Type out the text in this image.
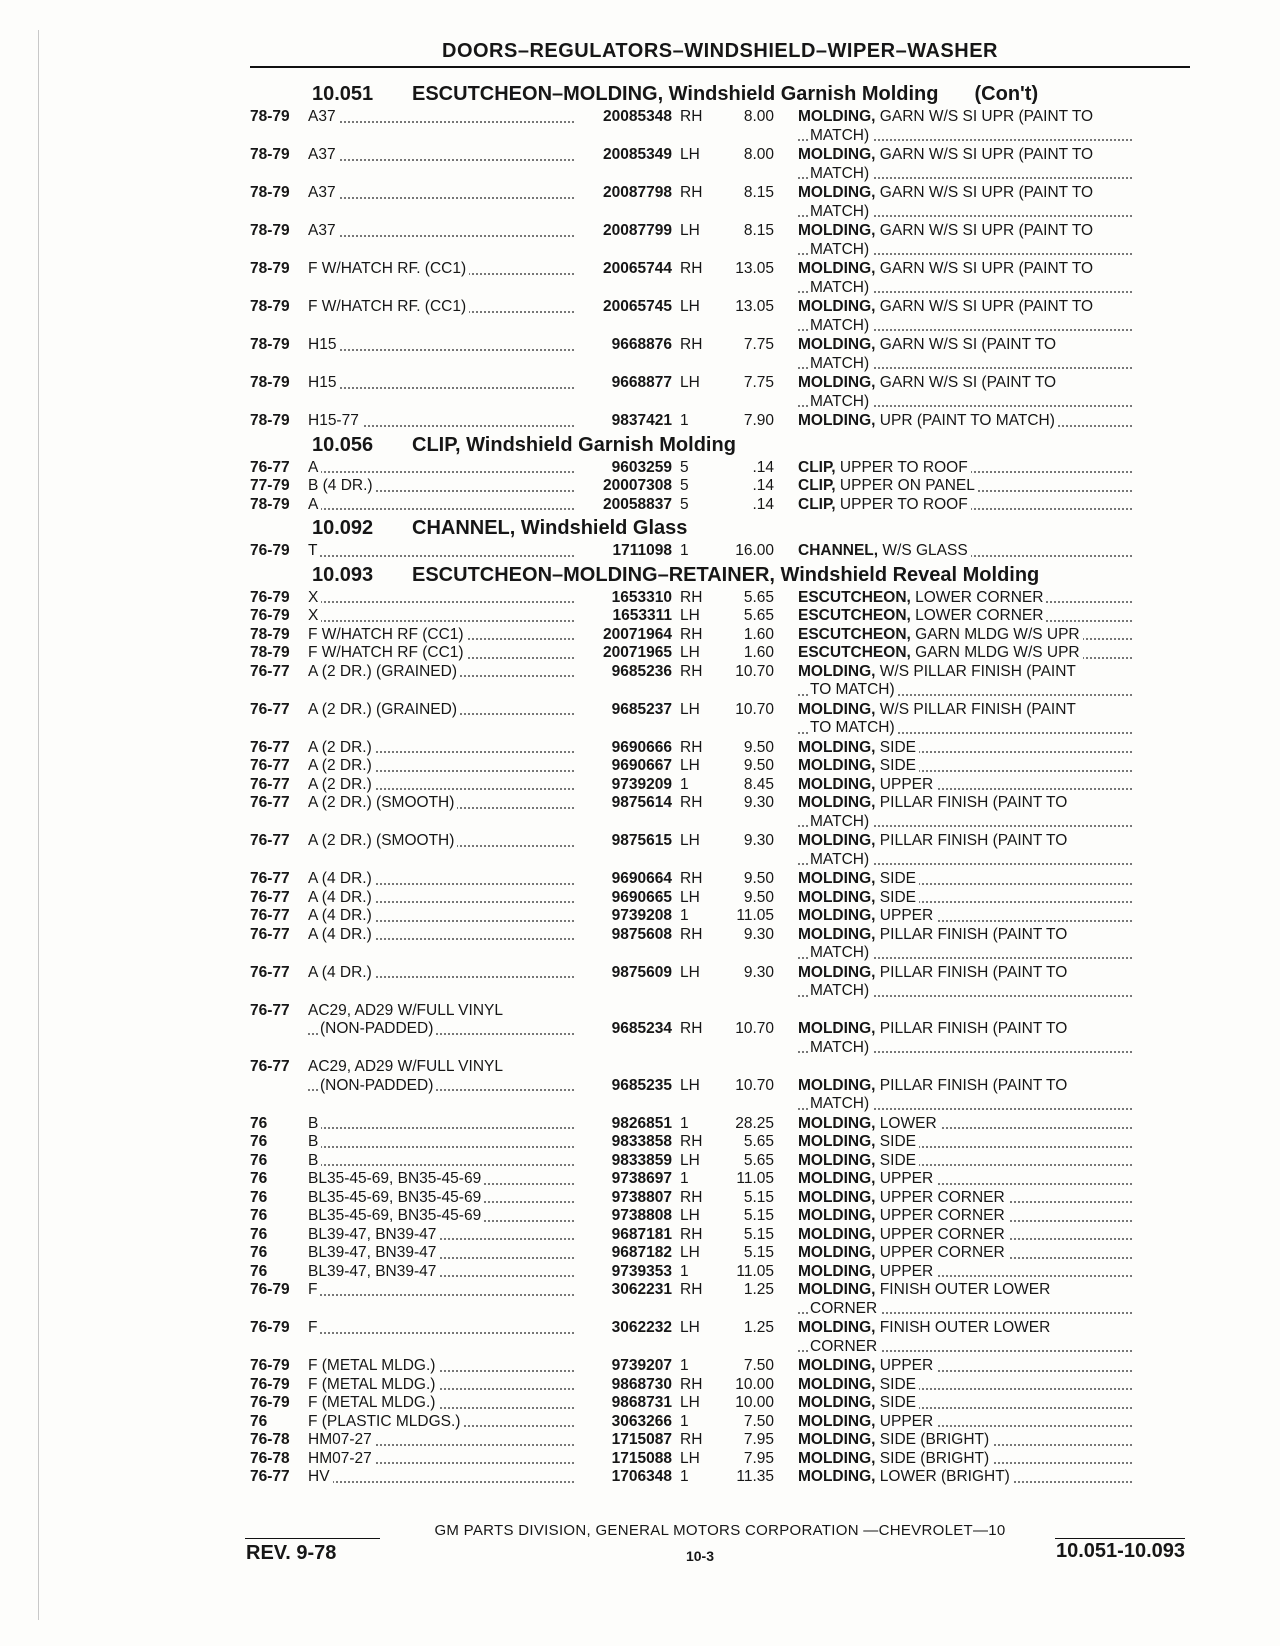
DOORS–REGULATORS–WINDSHIELD–WIPER–WASHER
10.051 ESCUTCHEON–MOLDING, Windshield Garnish Molding (Con't)
78-79	A37	20085348 RH	8.00 MOLDING, GARN W/S SI UPR (PAINT TO
MATCH)
78-79	A37	20085349 LH	8.00 MOLDING, GARN W/S SI UPR (PAINT TO
MATCH)
78-79	A37	20087798 RH	8.15 MOLDING, GARN W/S SI UPR (PAINT TO
MATCH)
78-79	A37	20087799 LH	8.15 MOLDING, GARN W/S SI UPR (PAINT TO
MATCH)
78-79	F W/HATCH RF. (CC1)	20065744 RH	13.05 MOLDING, GARN W/S SI UPR (PAINT TO
MATCH)
78-79	F W/HATCH RF. (CC1)	20065745 LH	13.05 MOLDING, GARN W/S SI UPR (PAINT TO
MATCH)
78-79	H15	9668876 RH	7.75 MOLDING, GARN W/S SI (PAINT TO
MATCH)
78-79	H15	9668877 LH	7.75 MOLDING, GARN W/S SI (PAINT TO
MATCH)
78-79	H15-77	9837421 1	7.90 MOLDING, UPR (PAINT TO MATCH)
10.056 CLIP, Windshield Garnish Molding
76-77	A	9603259 5	.14 CLIP, UPPER TO ROOF
77-79	B (4 DR.)	20007308 5	.14 CLIP, UPPER ON PANEL
78-79	A	20058837 5	.14 CLIP, UPPER TO ROOF
10.092 CHANNEL, Windshield Glass
76-79	T	1711098 1	16.00 CHANNEL, W/S GLASS
10.093 ESCUTCHEON–MOLDING–RETAINER, Windshield Reveal Molding
76-79	X	1653310 RH	5.65 ESCUTCHEON, LOWER CORNER
76-79	X	1653311 LH	5.65 ESCUTCHEON, LOWER CORNER
78-79	F W/HATCH RF (CC1)	20071964 RH	1.60 ESCUTCHEON, GARN MLDG W/S UPR
78-79	F W/HATCH RF (CC1)	20071965 LH	1.60 ESCUTCHEON, GARN MLDG W/S UPR
76-77	A (2 DR.) (GRAINED)	9685236 RH	10.70 MOLDING, W/S PILLAR FINISH (PAINT
TO MATCH)
76-77	A (2 DR.) (GRAINED)	9685237 LH	10.70 MOLDING, W/S PILLAR FINISH (PAINT
TO MATCH)
76-77	A (2 DR.)	9690666 RH	9.50 MOLDING, SIDE
76-77	A (2 DR.)	9690667 LH	9.50 MOLDING, SIDE
76-77	A (2 DR.)	9739209 1	8.45 MOLDING, UPPER
76-77	A (2 DR.) (SMOOTH)	9875614 RH	9.30 MOLDING, PILLAR FINISH (PAINT TO
MATCH)
76-77	A (2 DR.) (SMOOTH)	9875615 LH	9.30 MOLDING, PILLAR FINISH (PAINT TO
MATCH)
76-77	A (4 DR.)	9690664 RH	9.50 MOLDING, SIDE
76-77	A (4 DR.)	9690665 LH	9.50 MOLDING, SIDE
76-77	A (4 DR.)	9739208 1	11.05 MOLDING, UPPER
76-77	A (4 DR.)	9875608 RH	9.30 MOLDING, PILLAR FINISH (PAINT TO
MATCH)
76-77	A (4 DR.)	9875609 LH	9.30 MOLDING, PILLAR FINISH (PAINT TO
MATCH)
76-77	AC29, AD29 W/FULL VINYL
(NON-PADDED)	9685234 RH	10.70 MOLDING, PILLAR FINISH (PAINT TO
MATCH)
76-77	AC29, AD29 W/FULL VINYL
(NON-PADDED)	9685235 LH	10.70 MOLDING, PILLAR FINISH (PAINT TO
MATCH)
76	B	9826851 1	28.25 MOLDING, LOWER
76	B	9833858 RH	5.65 MOLDING, SIDE
76	B	9833859 LH	5.65 MOLDING, SIDE
76	BL35-45-69, BN35-45-69	9738697 1	11.05 MOLDING, UPPER
76	BL35-45-69, BN35-45-69	9738807 RH	5.15 MOLDING, UPPER CORNER
76	BL35-45-69, BN35-45-69	9738808 LH	5.15 MOLDING, UPPER CORNER
76	BL39-47, BN39-47	9687181 RH	5.15 MOLDING, UPPER CORNER
76	BL39-47, BN39-47	9687182 LH	5.15 MOLDING, UPPER CORNER
76	BL39-47, BN39-47	9739353 1	11.05 MOLDING, UPPER
76-79	F	3062231 RH	1.25 MOLDING, FINISH OUTER LOWER
CORNER
76-79	F	3062232 LH	1.25 MOLDING, FINISH OUTER LOWER
CORNER
76-79	F (METAL MLDG.)	9739207 1	7.50 MOLDING, UPPER
76-79	F (METAL MLDG.)	9868730 RH	10.00 MOLDING, SIDE
76-79	F (METAL MLDG.)	9868731 LH	10.00 MOLDING, SIDE
76	F (PLASTIC MLDGS.)	3063266 1	7.50 MOLDING, UPPER
76-78	HM07-27	1715087 RH	7.95 MOLDING, SIDE (BRIGHT)
76-78	HM07-27	1715088 LH	7.95 MOLDING, SIDE (BRIGHT)
76-77	HV	1706348 1	11.35 MOLDING, LOWER (BRIGHT)
GM PARTS DIVISION, GENERAL MOTORS CORPORATION —CHEVROLET—10
REV. 9-78	10-3	10.051-10.093
